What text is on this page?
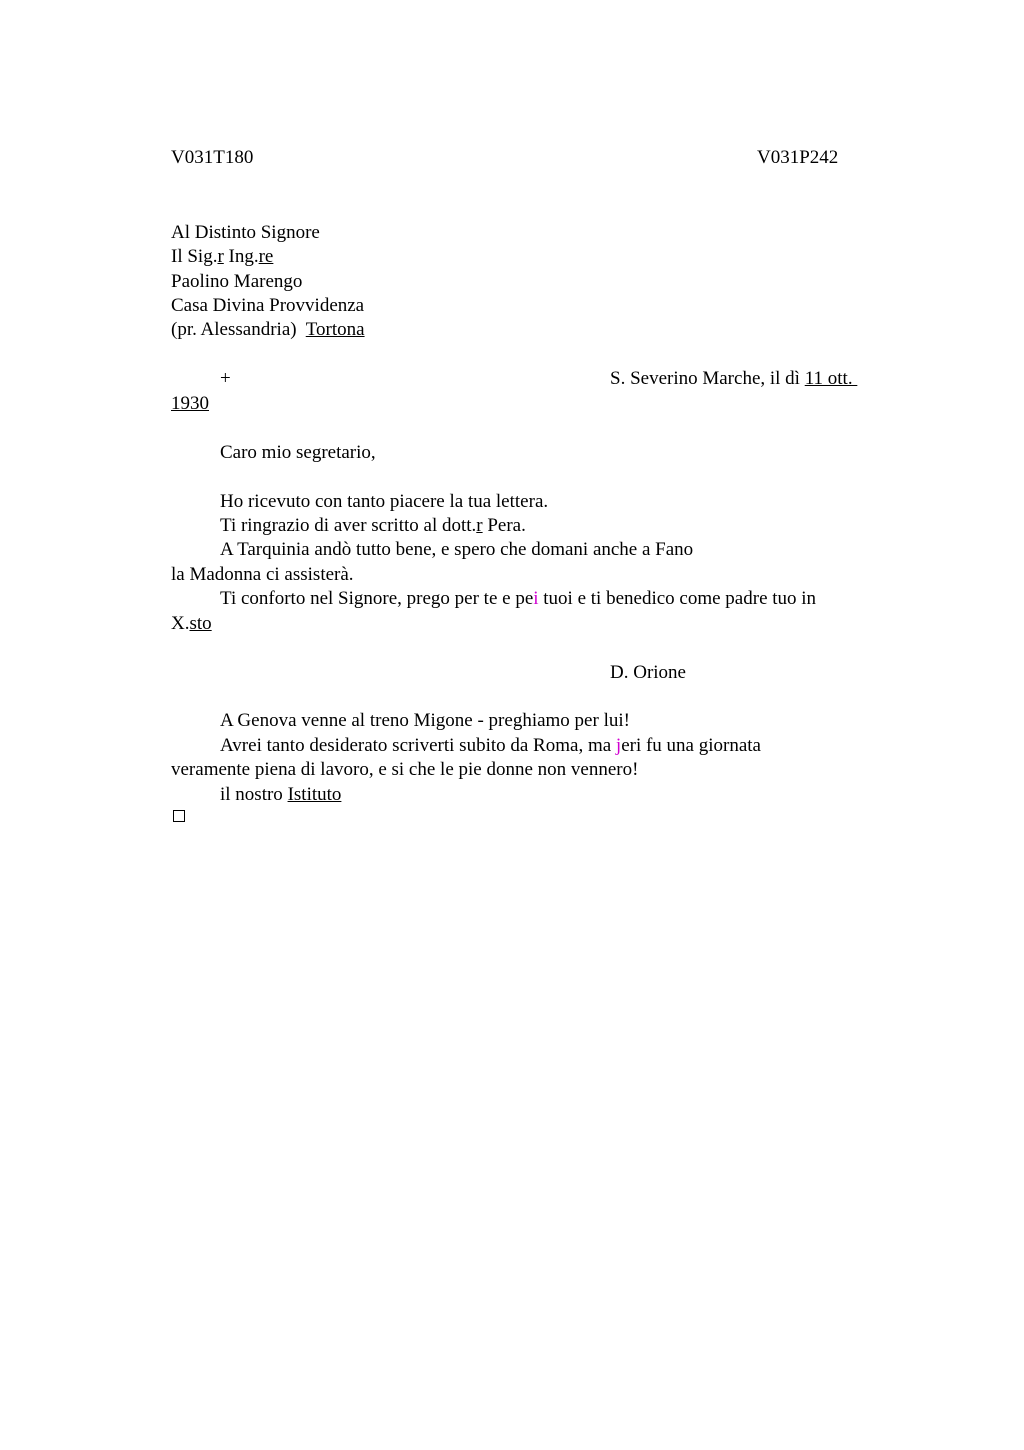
V031T180	V031P242
Al Distinto Signore
Il Sig.r Ing.re
Paolino Marengo
Casa Divina Provvidenza
(pr. Alessandria)  Tortona
+	S. Severino Marche, il dì 11 ott.
1930
Caro mio segretario,
Ho ricevuto con tanto piacere la tua lettera.
Ti ringrazio di aver scritto al dott.r Pera.
A Tarquinia andò tutto bene, e spero che domani anche a Fano
la Madonna ci assisterà.
Ti conforto nel Signore, prego per te e pei tuoi e ti benedico come padre tuo in
X.sto
D. Orione
A Genova venne al treno Migone - preghiamo per lui!
Avrei tanto desiderato scriverti subito da Roma, ma jeri fu una giornata
veramente piena di lavoro, e si che le pie donne non vennero!
il nostro Istituto
